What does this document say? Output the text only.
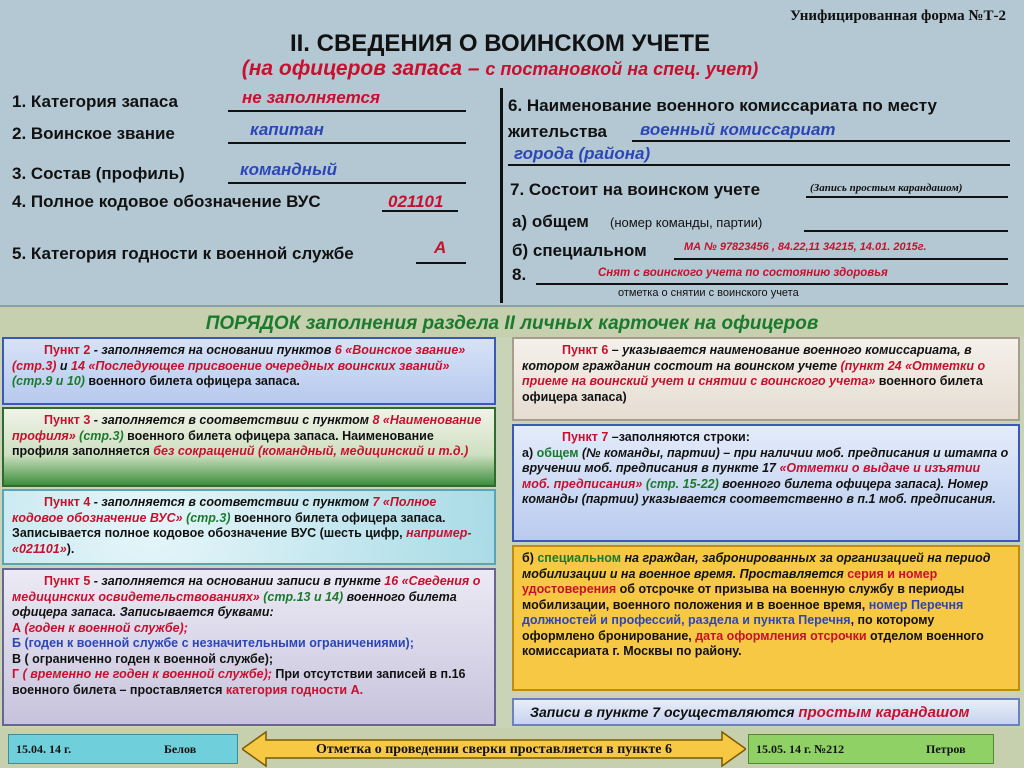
Унифицированная форма №Т-2
II. СВЕДЕНИЯ О ВОИНСКОМ УЧЕТЕ
(на офицеров запаса – с постановкой на спец. учет)
1. Категория запаса	не заполняется
2. Воинское звание	капитан
3. Состав (профиль)	командный
4. Полное кодовое обозначение ВУС	021101
5. Категория годности к военной службе	А
6. Наименование военного комиссариата по месту
жительства военный комиссариат
города (района)
7. Состоит на воинском учете	(Запись простым карандашом)
а) общем (номер команды, партии)
б) специальном	МА № 97823456 , 84.22,11 34215, 14.01. 2015г.
8.	Снят с воинского учета по состоянию здоровья
отметка о снятии с воинского учета
ПОРЯДОК заполнения раздела II личных карточек на офицеров
Пункт 2 - заполняется на основании пунктов 6 «Воинское звание» (стр.3) и 14 «Последующее присвоение очередных воинских званий» (стр.9 и 10) военного билета офицера запаса.
Пункт 3 - заполняется в соответствии с пунктом 8 «Наименование профиля» (стр.3) военного билета офицера запаса. Наименование профиля заполняется без сокращений (командный, медицинский и т.д.)
Пункт 4 - заполняется в соответствии с пунктом 7 «Полное кодовое обозначение ВУС» (стр.3) военного билета офицера запаса. Записывается полное кодовое обозначение ВУС (шесть цифр, например- «021101»).
Пункт 5 - заполняется на основании записи в пункте 16 «Сведения о медицинских освидетельствованиях» (стр.13 и 14) военного билета офицера запаса. Записывается буквами:
А (годен к военной службе);
Б (годен к военной службе с незначительными ограничениями);
В ( ограниченно годен к военной службе);
Г ( временно не годен к военной службе); При отсутствии записей в п.16 военного билета – проставляется категория годности А.
Пункт 6 – указывается наименование военного комиссариата, в котором гражданин состоит на воинском учете (пункт 24 «Отметки о приеме на воинский учет и снятии с воинского учета» военного билета офицера запаса)
Пункт 7 –заполняются строки:
а) общем (№ команды, партии) – при наличии моб. предписания и штампа о вручении моб. предписания в пункте 17 «Отметки о выдаче и изъятии моб. предписания» (стр. 15-22) военного билета офицера запаса). Номер команды (партии) указывается соответственно в п.1 моб. предписания.
б) специальном на граждан, забронированных за организацией на период мобилизации и на военное время. Проставляется серия и номер удостоверения об отсрочке от призыва на военную службу в периоды мобилизации, военного положения и в военное время, номер Перечня должностей и профессий, раздела и пункта Перечня, по которому оформлено бронирование, дата оформления отсрочки отделом военного комиссариата г. Москвы по району.
Записи в пункте 7 осуществляются простым карандашом
15.04. 14 г.	Белов	Отметка о проведении сверки проставляется в пункте 6	15.05. 14 г. №212	Петров
